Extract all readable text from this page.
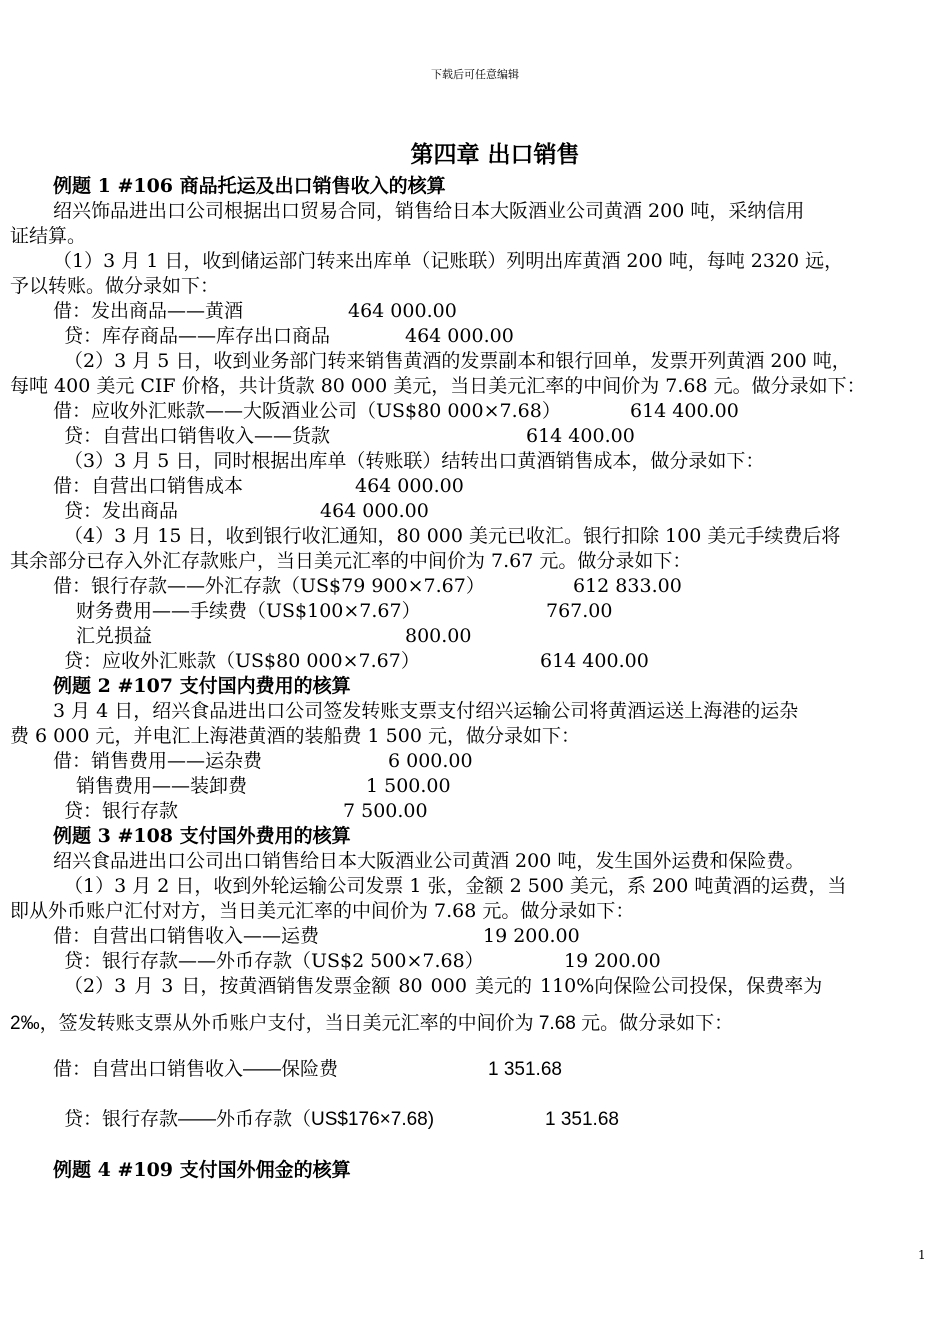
下载后可任意编辑
第四章 出口销售
例题 1 #106 商品托运及出口销售收入的核算
绍兴饰品进出口公司根据出口贸易合同，销售给日本大阪酒业公司黄酒 200 吨，采纳信用
证结算。
（1）3 月 1 日，收到储运部门转来出库单（记账联）列明出库黄酒 200 吨，每吨 2320 远，
予以转账。做分录如下：
借：发出商品——黄酒	464 000.00
贷：库存商品——库存出口商品	464 000.00
（2）3 月 5 日，收到业务部门转来销售黄酒的发票副本和银行回单，发票开列黄酒 200 吨，
每吨 400 美元 CIF 价格，共计货款 80 000 美元，当日美元汇率的中间价为 7.68 元。做分录如下：
借：应收外汇账款——大阪酒业公司（US$80 000×7.68）	614 400.00
贷：自营出口销售收入——货款	614 400.00
（3）3 月 5 日，同时根据出库单（转账联）结转出口黄酒销售成本，做分录如下：
借：自营出口销售成本	464 000.00
贷：发出商品	464 000.00
（4）3 月 15 日，收到银行收汇通知，80 000 美元已收汇。银行扣除 100 美元手续费后将
其余部分已存入外汇存款账户，当日美元汇率的中间价为 7.67 元。做分录如下：
借：银行存款——外汇存款（US$79 900×7.67）	612 833.00
财务费用——手续费（US$100×7.67）	767.00
汇兑损益	800.00
贷：应收外汇账款（US$80 000×7.67）	614 400.00
例题 2 #107 支付国内费用的核算
3 月 4 日，绍兴食品进出口公司签发转账支票支付绍兴运输公司将黄酒运送上海港的运杂
费 6 000 元，并电汇上海港黄酒的装船费 1 500 元，做分录如下：
借：销售费用——运杂费	6 000.00
销售费用——装卸费	1 500.00
贷：银行存款	7 500.00
例题 3 #108 支付国外费用的核算
绍兴食品进出口公司出口销售给日本大阪酒业公司黄酒 200 吨，发生国外运费和保险费。
（1）3 月 2 日，收到外轮运输公司发票 1 张，金额 2 500 美元，系 200 吨黄酒的运费，当
即从外币账户汇付对方，当日美元汇率的中间价为 7.68 元。做分录如下：
借：自营出口销售收入——运费	19 200.00
贷：银行存款——外币存款（US$2 500×7.68）	19 200.00
（2）3 月 3 日，按黄酒销售发票金额 80 000 美元的 110%向保险公司投保，保费率为
2‰，签发转账支票从外币账户支付，当日美元汇率的中间价为 7.68 元。做分录如下：
借：自营出口销售收入——保险费	1 351.68
贷：银行存款——外币存款（US$176×7.68)	1 351.68
例题 4 #109 支付国外佣金的核算
1
